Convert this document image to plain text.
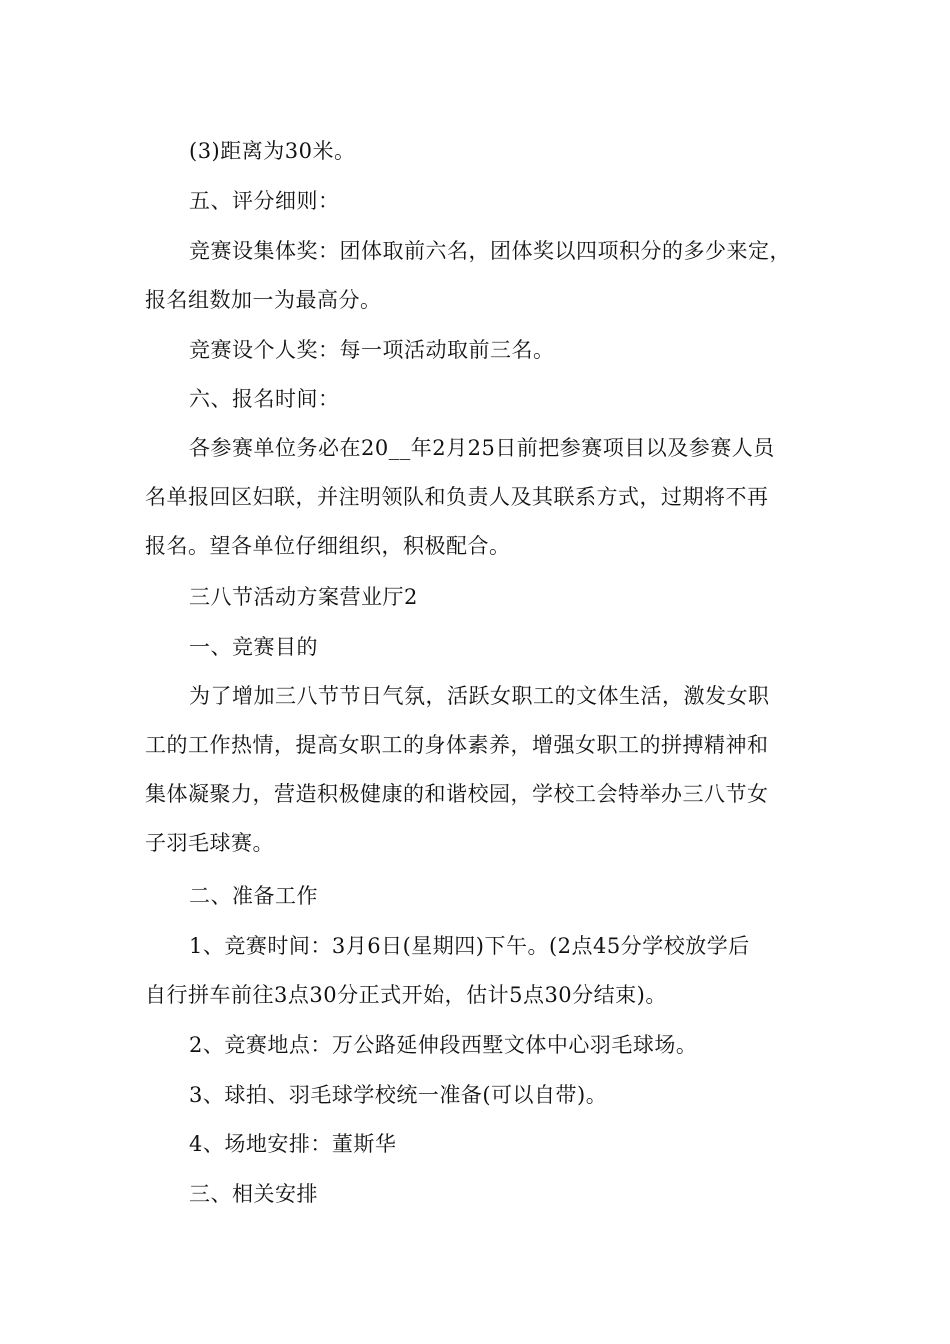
(3)距离为30米。

五、评分细则：

竞赛设集体奖：团体取前六名，团体奖以四项积分的多少来定，
报名组数加一为最高分。

竞赛设个人奖：每一项活动取前三名。

六、报名时间：

各参赛单位务必在20__年2月25日前把参赛项目以及参赛人员
名单报回区妇联，并注明领队和负责人及其联系方式，过期将不再
报名。望各单位仔细组织，积极配合。

三八节活动方案营业厅2

一、竞赛目的

为了增加三八节节日气氛，活跃女职工的文体生活，激发女职
工的工作热情，提高女职工的身体素养，增强女职工的拼搏精神和
集体凝聚力，营造积极健康的和谐校园，学校工会特举办三八节女
子羽毛球赛。

二、准备工作

1、竞赛时间：3月6日(星期四)下午。(2点45分学校放学后
自行拼车前往3点30分正式开始，估计5点30分结束)。

2、竞赛地点：万公路延伸段西墅文体中心羽毛球场。

3、球拍、羽毛球学校统一准备(可以自带)。

4、场地安排：董斯华

三、相关安排
